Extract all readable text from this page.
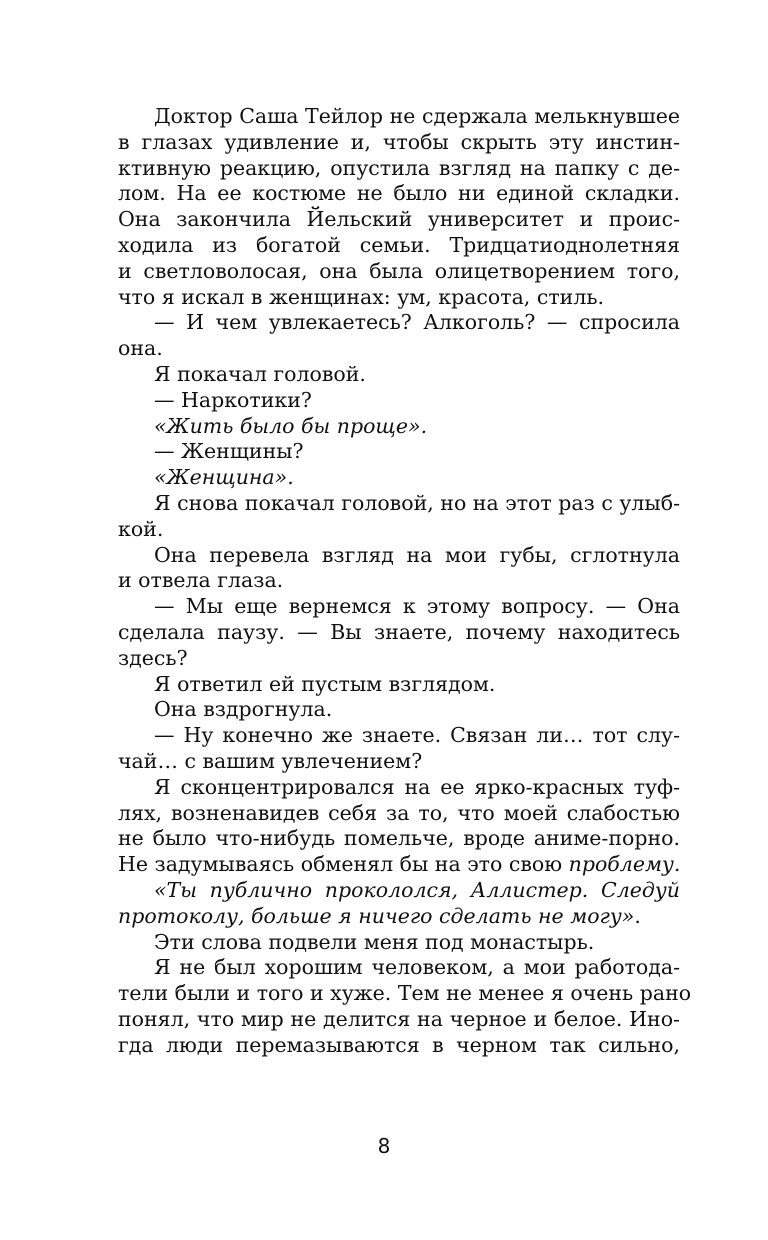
Доктор Саша Тейлор не сдержала мелькнувшее
в глазах удивление и, чтобы скрыть эту инстин-
ктивную реакцию, опустила взгляд на папку с де-
лом. На ее костюме не было ни единой складки.
Она закончила Йельский университет и проис-
ходила из богатой семьи. Тридцатиоднолетняя
и светловолосая, она была олицетворением того,
что я искал в женщинах: ум, красота, стиль.
— И чем увлекаетесь? Алкоголь? — спросила
она.
Я покачал головой.
— Наркотики?
«Жить было бы проще».
— Женщины?
«Женщина».
Я снова покачал головой, но на этот раз с улыб-
кой.
Она перевела взгляд на мои губы, сглотнула
и отвела глаза.
— Мы еще вернемся к этому вопросу. — Она
сделала паузу. — Вы знаете, почему находитесь
здесь?
Я ответил ей пустым взглядом.
Она вздрогнула.
— Ну конечно же знаете. Связан ли… тот слу-
чай… с вашим увлечением?
Я сконцентрировался на ее ярко-красных туф-
лях, возненавидев себя за то, что моей слабостью
не было что-нибудь помельче, вроде аниме-порно.
Не задумываясь обменял бы на это свою проблему.
«Ты публично прокололся, Аллистер. Следуй
протоколу, больше я ничего сделать не могу».
Эти слова подвели меня под монастырь.
Я не был хорошим человеком, а мои работода-
тели были и того и хуже. Тем не менее я очень рано
понял, что мир не делится на черное и белое. Ино-
гда люди перемазываются в черном так сильно,
8
